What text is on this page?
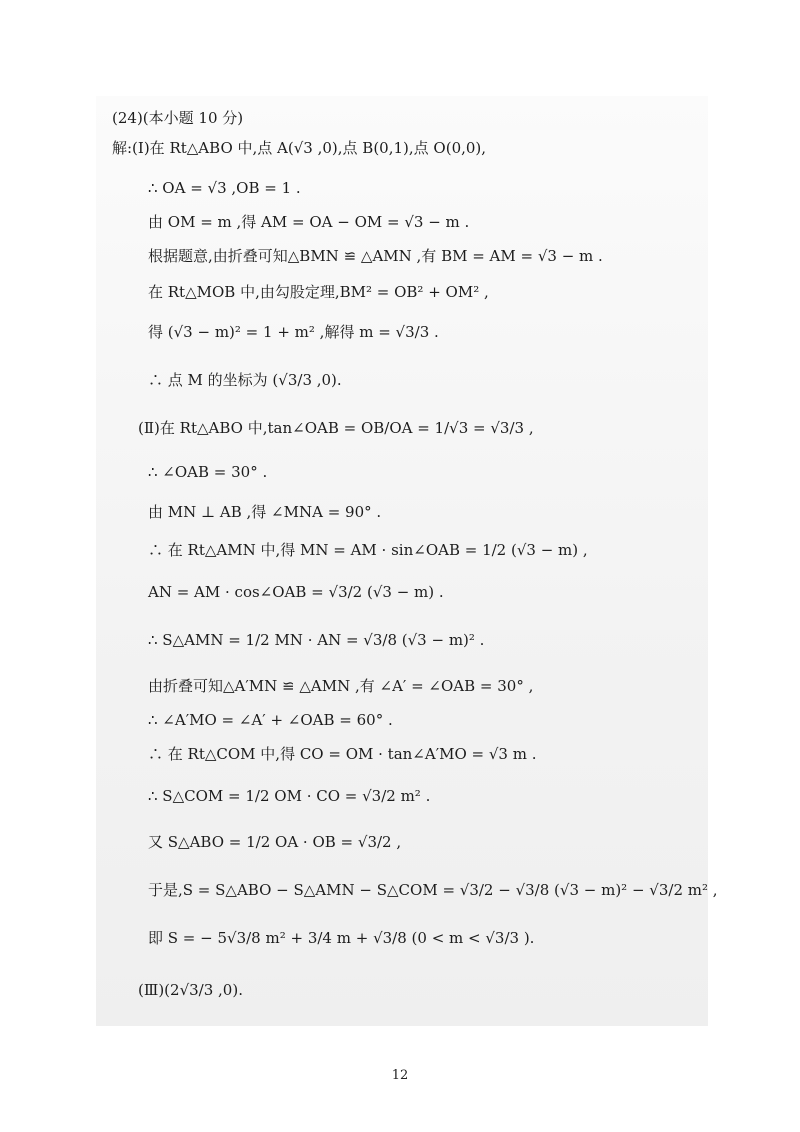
(24)(本小题 10 分)
解:(Ⅰ)在 Rt△ABO 中,点 A(√3 ,0),点 B(0,1),点 O(0,0),
∴ OA = √3 ,OB = 1 .
由 OM = m ,得 AM = OA − OM = √3 − m .
根据题意,由折叠可知△BMN ≌ △AMN ,有 BM = AM = √3 − m .
在 Rt△MOB 中,由勾股定理,BM² = OB² + OM² ,
得 (√3 − m)² = 1 + m² ,解得 m = √3/3 .
∴ 点 M 的坐标为 (√3/3 ,0).
(Ⅱ)在 Rt△ABO 中,tan∠OAB = OB/OA = 1/√3 = √3/3 ,
∴ ∠OAB = 30° .
由 MN ⊥ AB ,得 ∠MNA = 90° .
∴ 在 Rt△AMN 中,得 MN = AM · sin∠OAB = 1/2 (√3 − m) ,
AN = AM · cos∠OAB = √3/2 (√3 − m) .
∴ S△AMN = 1/2 MN · AN = √3/8 (√3 − m)² .
由折叠可知△A′MN ≌ △AMN ,有 ∠A′ = ∠OAB = 30° ,
∴ ∠A′MO = ∠A′ + ∠OAB = 60° .
∴ 在 Rt△COM 中,得 CO = OM · tan∠A′MO = √3 m .
∴ S△COM = 1/2 OM · CO = √3/2 m² .
又 S△ABO = 1/2 OA · OB = √3/2 ,
于是,S = S△ABO − S△AMN − S△COM = √3/2 − √3/8 (√3 − m)² − √3/2 m² ,
即 S = − 5√3/8 m² + 3/4 m + √3/8 (0 < m < √3/3 ).
(Ⅲ)(2√3/3 ,0).
12
